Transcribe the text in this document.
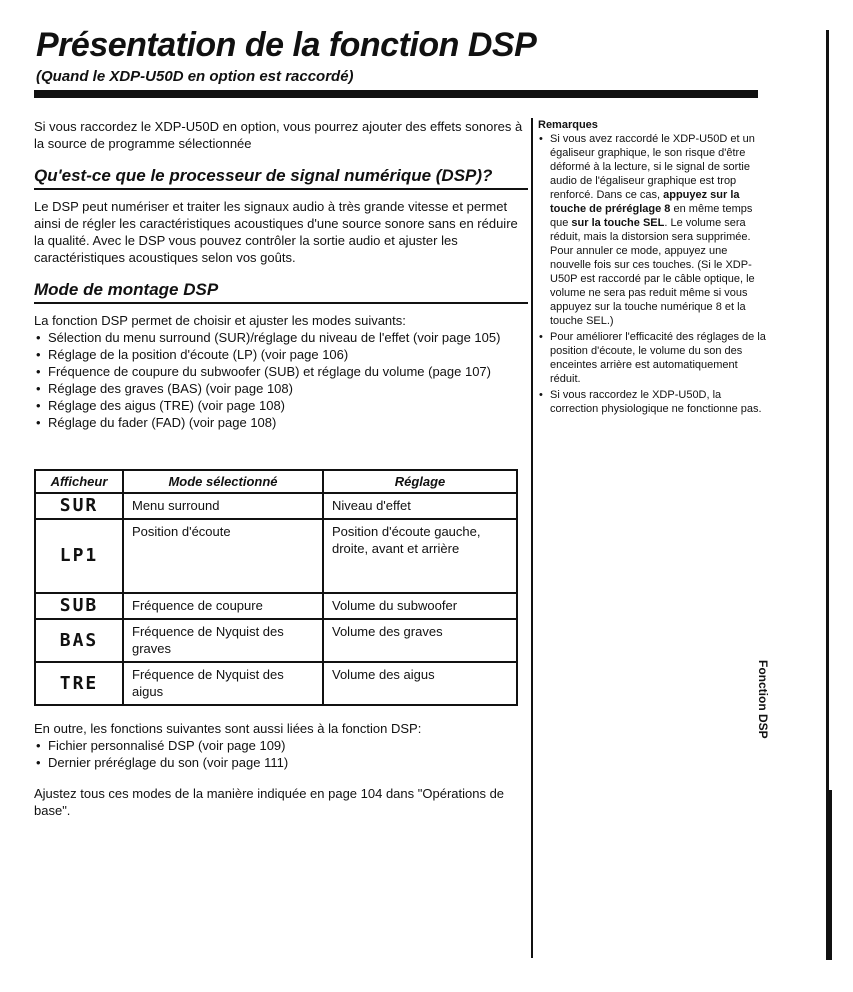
Présentation de la fonction DSP
(Quand le XDP-U50D en option est raccordé)
Fonction DSP

Si vous raccordez le XDP-U50D en option, vous pourrez ajouter des effets sonores à la source de programme sélectionnée

Qu'est-ce que le processeur de signal numérique (DSP)?

Le DSP peut numériser et traiter les signaux audio à très grande vitesse et permet ainsi de régler les caractéristiques acoustiques d'une source sonore sans en réduire la qualité. Avec le DSP vous pouvez contrôler la sortie audio et ajuster les caractéristiques acoustiques selon vos goûts.

Mode de montage DSP

La fonction DSP permet de choisir et ajuster les modes suivants:

• Sélection du menu surround (SUR)/réglage du niveau de l'effet (voir page 105)
• Réglage de la position d'écoute (LP) (voir page 106)
• Fréquence de coupure du subwoofer (SUB) et réglage du volume (page 107)
• Réglage des graves (BAS) (voir page 108)
• Réglage des aigus (TRE) (voir page 108)
• Réglage du fader (FAD) (voir page 108)
Afficheur	Mode sélectionné	Réglage
SUR	Menu surround	Niveau d'effet
LP1	Position d'écoute	Position d'écoute gauche, droite, avant et arrière
SUB	Fréquence de coupure	Volume du subwoofer
BAS	Fréquence de Nyquist des graves	Volume des graves
TRE	Fréquence de Nyquist des aigus	Volume des aigus

En outre, les fonctions suivantes sont aussi liées à la fonction DSP:

• Fichier personnalisé DSP (voir page 109)
• Dernier préréglage du son (voir page 111)

Ajustez tous ces modes de la manière indiquée en page 104 dans "Opérations de base".

Remarques
• Si vous avez raccordé le XDP-U50D et un égaliseur graphique, le son risque d'être déformé à la lecture, si le signal de sortie audio de l'égaliseur graphique est trop renforcé. Dans ce cas, appuyez sur la touche de préréglage 8 en même temps que sur la touche SEL. Le volume sera réduit, mais la distorsion sera supprimée. Pour annuler ce mode, appuyez une nouvelle fois sur ces touches. (Si le XDP-U50P est raccordé par le câble optique, le volume ne sera pas reduit même si vous appuyez sur la touche numérique 8 et la touche SEL.)
• Pour améliorer l'efficacité des réglages de la position d'écoute, le volume du son des enceintes arrière est automatiquement réduit.
• Si vous raccordez le XDP-U50D, la correction physiologique ne fonctionne pas.
